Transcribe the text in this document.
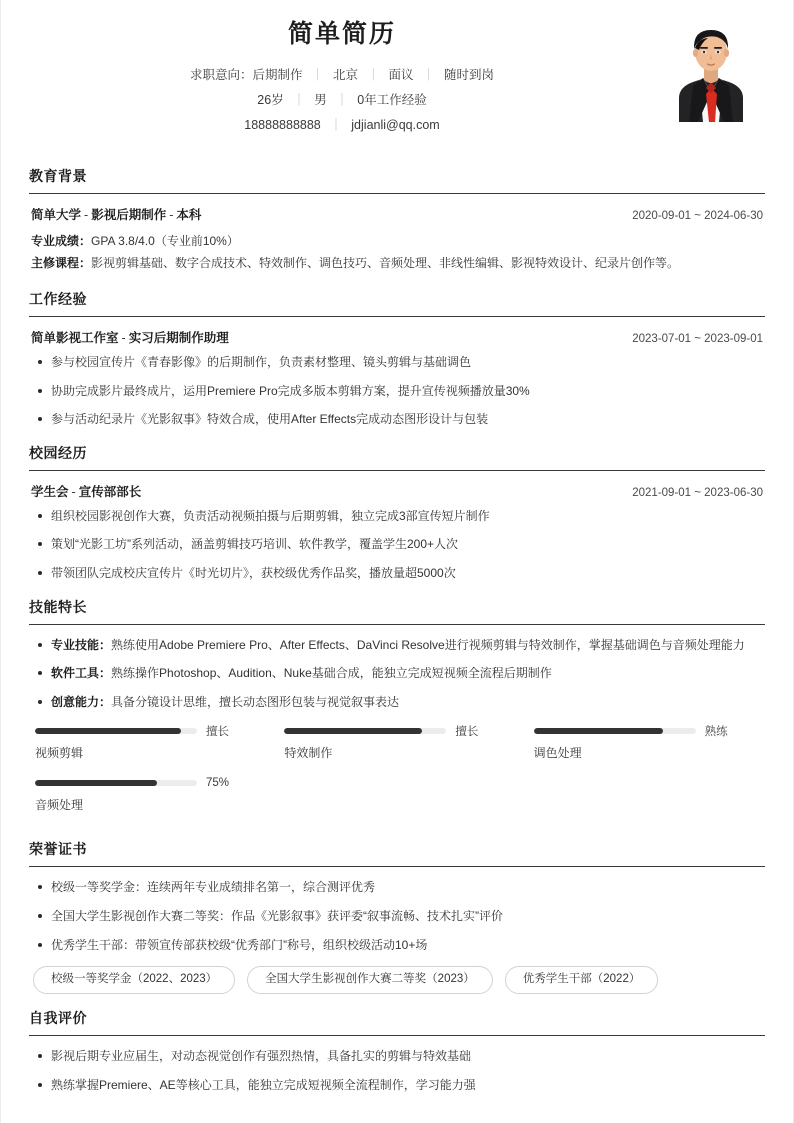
简单简历
求职意向：后期制作 ｜ 北京 ｜ 面议 ｜ 随时到岗
26岁 ｜ 男 ｜ 0年工作经验
18888888888 ｜ jdjianli@qq.com
教育背景
简单大学 - 影视后期制作 - 本科	2020-09-01 ~ 2024-06-30
专业成绩：GPA 3.8/4.0（专业前10%）
主修课程：影视剪辑基础、数字合成技术、特效制作、调色技巧、音频处理、非线性编辑、影视特效设计、纪录片创作等。
工作经验
简单影视工作室 - 实习后期制作助理	2023-07-01 ~ 2023-09-01
参与校园宣传片《青春影像》的后期制作，负责素材整理、镜头剪辑与基础调色
协助完成影片最终成片，运用Premiere Pro完成多版本剪辑方案，提升宣传视频播放量30%
参与活动纪录片《光影叙事》特效合成，使用After Effects完成动态图形设计与包装
校园经历
学生会 - 宣传部部长	2021-09-01 ~ 2023-06-30
组织校园影视创作大赛，负责活动视频拍摄与后期剪辑，独立完成3部宣传短片制作
策划“光影工坊”系列活动，涵盖剪辑技巧培训、软件教学，覆盖学生200+人次
带领团队完成校庆宣传片《时光切片》，获校级优秀作品奖，播放量超5000次
技能特长
专业技能：熟练使用Adobe Premiere Pro、After Effects、DaVinci Resolve进行视频剪辑与特效制作，掌握基础调色与音频处理能力
软件工具：熟练操作Photoshop、Audition、Nuke基础合成，能独立完成短视频全流程后期制作
创意能力：具备分镜设计思维，擅长动态图形包装与视觉叙事表达
擅长
视频剪辑
擅长
特效制作
熟练
调色处理
75%
音频处理
荣誉证书
校级一等奖学金：连续两年专业成绩排名第一，综合测评优秀
全国大学生影视创作大赛二等奖：作品《光影叙事》获评委“叙事流畅、技术扎实”评价
优秀学生干部：带领宣传部获校级“优秀部门”称号，组织校级活动10+场
校级一等奖学金（2022、2023）	全国大学生影视创作大赛二等奖（2023）	优秀学生干部（2022）
自我评价
影视后期专业应届生，对动态视觉创作有强烈热情，具备扎实的剪辑与特效基础
熟练掌握Premiere、AE等核心工具，能独立完成短视频全流程制作，学习能力强
